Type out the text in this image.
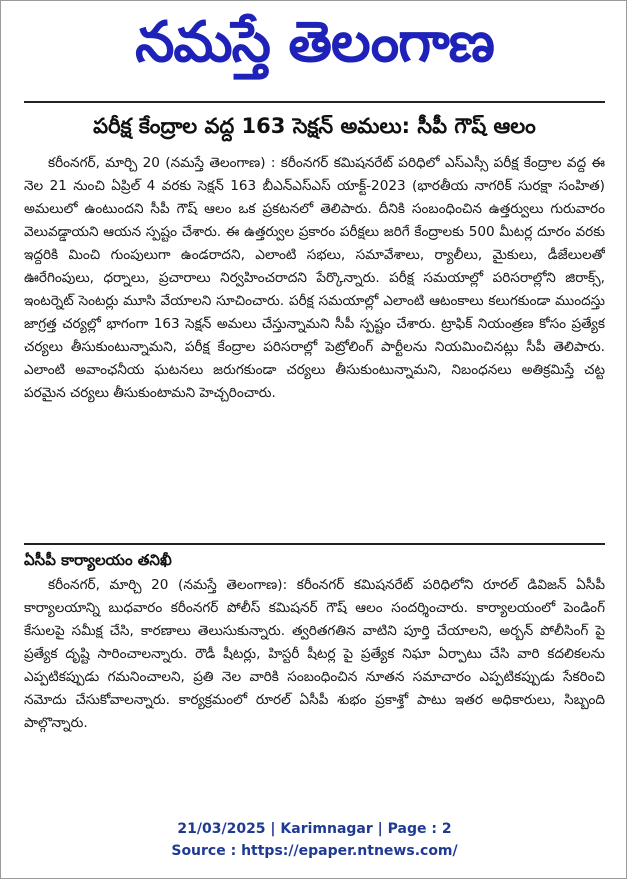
నమస్తే తెలంగాణ
పరీక్ష కేంద్రాల వద్ద 163 సెక్షన్ అమలు: సీపీ గౌష్ ఆలం

కరీంనగర్, మార్చి 20 (నమస్తే తెలంగాణ) : కరీంనగర్ కమిషనరేట్ పరిధిలో ఎస్ఎస్సీ పరీక్ష కేంద్రాల వద్ద ఈ నెల 21 నుంచి ఏప్రిల్ 4 వరకు సెక్షన్ 163 బీఎన్ఎస్ఎస్ యాక్ట్-2023 (భారతీయ నాగరిక్ సురక్షా సంహిత) అమలులో ఉంటుందని సీపీ గౌష్ ఆలం ఒక ప్రకటనలో తెలిపారు. దీనికి సంబంధించిన ఉత్తర్వులు గురువారం వెలువడ్డాయని ఆయన స్పష్టం చేశారు. ఈ ఉత్తర్వుల ప్రకారం పరీక్షలు జరిగే కేంద్రాలకు 500 మీటర్ల దూరం వరకు ఇద్దరికి మించి గుంపులుగా ఉండరాదని, ఎలాంటి సభలు, సమావేశాలు, ర్యాలీలు, మైకులు, డీజేలులతో ఊరేగింపులు, ధర్నాలు, ప్రచారాలు నిర్వహించరాదని పేర్కొన్నారు. పరీక్ష సమయాల్లో పరిసరాల్లోని జిరాక్స్, ఇంటర్నెట్ సెంటర్లు మూసి వేయాలని సూచించారు. పరీక్ష సమయాల్లో ఎలాంటి ఆటంకాలు కలుగకుండా ముందస్తు జాగ్రత్త చర్యల్లో భాగంగా 163 సెక్షన్ అమలు చేస్తున్నామని సీపీ స్పష్టం చేశారు. ట్రాఫిక్ నియంత్రణ కోసం ప్రత్యేక చర్యలు తీసుకుంటున్నామని, పరీక్ష కేంద్రాల పరిసరాల్లో పెట్రోలింగ్ పార్టీలను నియమించినట్లు సీపీ తెలిపారు. ఎలాంటి అవాంఛనీయ ఘటనలు జరుగకుండా చర్యలు తీసుకుంటున్నామని, నిబంధనలు అతిక్రమిస్తే చట్ట పరమైన చర్యలు తీసుకుంటామని హెచ్చరించారు.

ఏసీపీ కార్యాలయం తనిఖీ

కరీంనగర్, మార్చి 20 (నమస్తే తెలంగాణ): కరీంనగర్ కమిషనరేట్ పరిధిలోని రూరల్ డివిజన్ ఏసీపీ కార్యాలయాన్ని బుధవారం కరీంనగర్ పోలీస్ కమిషనర్ గౌష్ ఆలం సందర్శించారు. కార్యాలయంలో పెండింగ్ కేసులపై సమీక్ష చేసి, కారణాలు తెలుసుకున్నారు. త్వరితగతిన వాటిని పూర్తి చేయాలని, అర్బన్ పోలీసింగ్ పై ప్రత్యేక దృష్టి సారించాలన్నారు. రౌడీ షీటర్లు, హిస్టరీ షీటర్ల పై ప్రత్యేక నిఘా ఏర్పాటు చేసి వారి కదలికలను ఎప్పటికప్పుడు గమనించాలని, ప్రతి నెల వారికి సంబంధించిన నూతన సమాచారం ఎప్పటికప్పుడు సేకరించి నమోదు చేసుకోవాలన్నారు. కార్యక్రమంలో రూరల్ ఏసీపీ శుభం ప్రకాశ్తో పాటు ఇతర అధికారులు, సిబ్బంది పాల్గొన్నారు.

21/03/2025 | Karimnagar | Page : 2
Source : https://epaper.ntnews.com/
